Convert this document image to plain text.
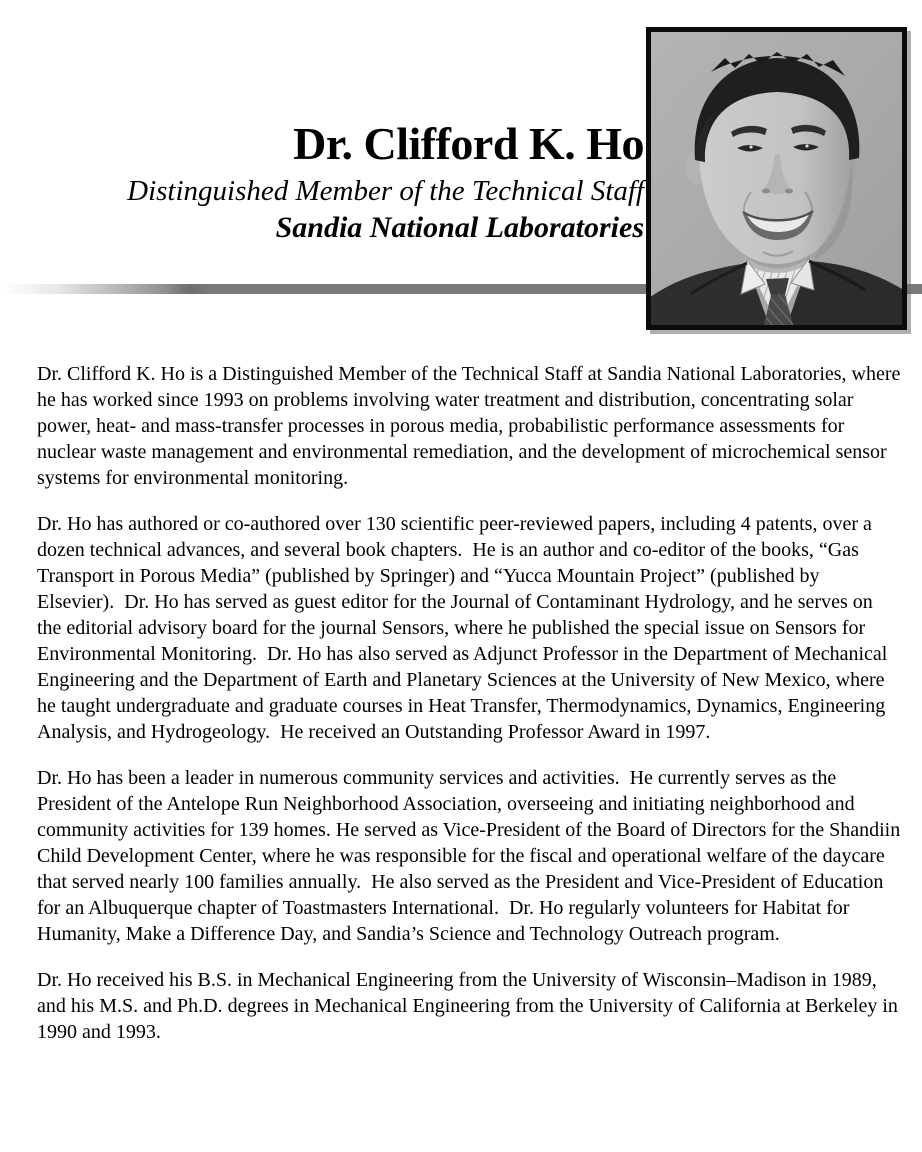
Dr. Clifford K. Ho
Distinguished Member of the Technical Staff
Sandia National Laboratories

Dr. Clifford K. Ho is a Distinguished Member of the Technical Staff at Sandia National Laboratories, where he has worked since 1993 on problems involving water treatment and distribution, concentrating solar power, heat- and mass-transfer processes in porous media, probabilistic performance assessments for nuclear waste management and environmental remediation, and the development of microchemical sensor systems for environmental monitoring.

Dr. Ho has authored or co-authored over 130 scientific peer-reviewed papers, including 4 patents, over a dozen technical advances, and several book chapters.  He is an author and co-editor of the books, “Gas Transport in Porous Media” (published by Springer) and “Yucca Mountain Project” (published by Elsevier).  Dr. Ho has served as guest editor for the Journal of Contaminant Hydrology, and he serves on the editorial advisory board for the journal Sensors, where he published the special issue on Sensors for Environmental Monitoring.  Dr. Ho has also served as Adjunct Professor in the Department of Mechanical Engineering and the Department of Earth and Planetary Sciences at the University of New Mexico, where he taught undergraduate and graduate courses in Heat Transfer, Thermodynamics, Dynamics, Engineering Analysis, and Hydrogeology.  He received an Outstanding Professor Award in 1997.

Dr. Ho has been a leader in numerous community services and activities.  He currently serves as the President of the Antelope Run Neighborhood Association, overseeing and initiating neighborhood and community activities for 139 homes. He served as Vice-President of the Board of Directors for the Shandiin Child Development Center, where he was responsible for the fiscal and operational welfare of the daycare that served nearly 100 families annually.  He also served as the President and Vice-President of Education for an Albuquerque chapter of Toastmasters International.  Dr. Ho regularly volunteers for Habitat for Humanity, Make a Difference Day, and Sandia’s Science and Technology Outreach program.

Dr. Ho received his B.S. in Mechanical Engineering from the University of Wisconsin–Madison in 1989, and his M.S. and Ph.D. degrees in Mechanical Engineering from the University of California at Berkeley in 1990 and 1993.
